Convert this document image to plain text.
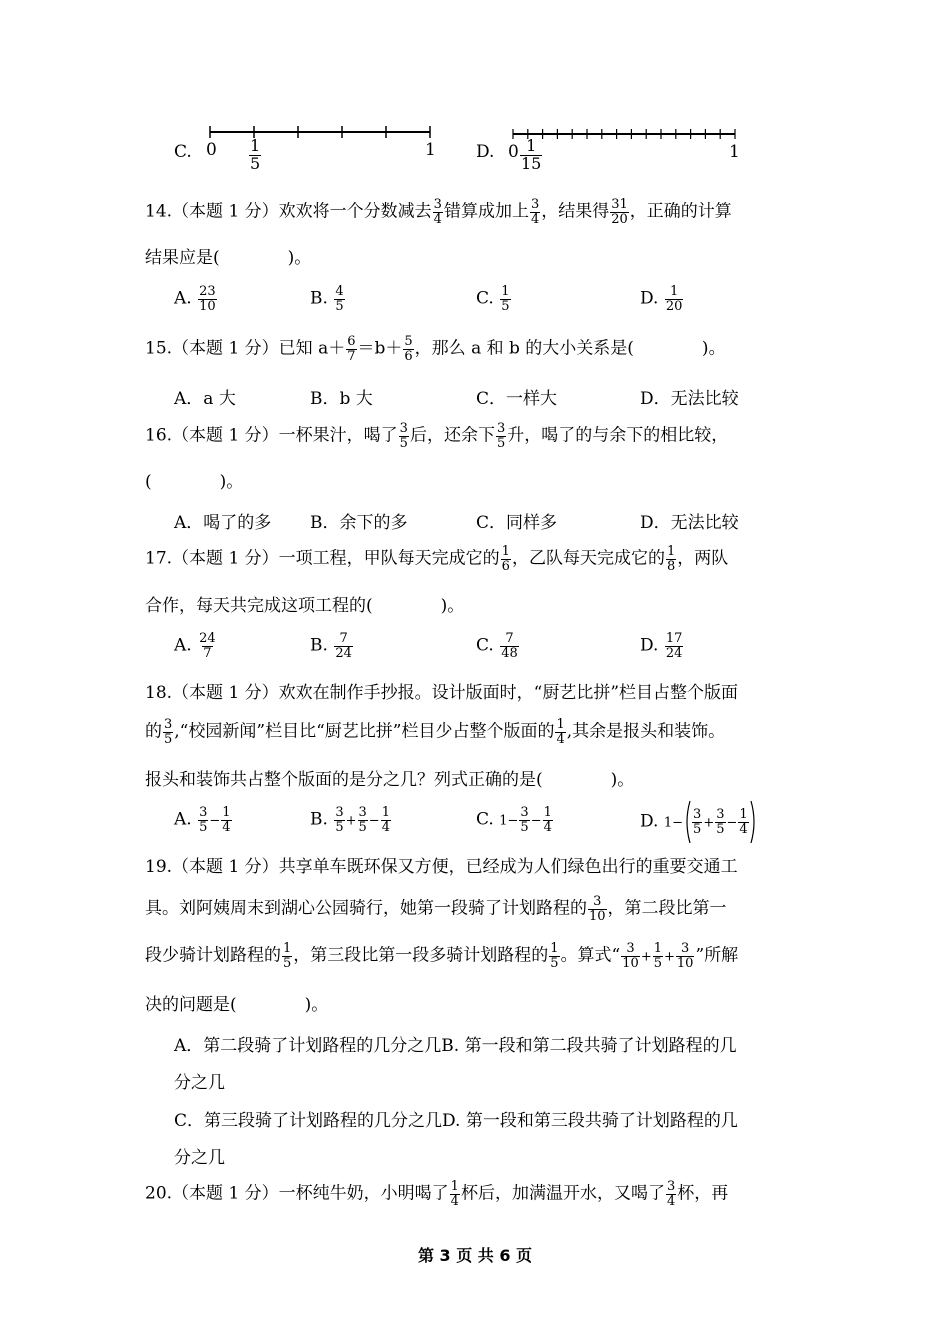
C. $0 \frac{1}{5}$	1 D. $0 \frac{1}{15}$	1
14.（本题 1 分）欢欢将一个分数减去 $\frac{3}{4}$ 错算成加上 $\frac{3}{4}$ ，结果得 $\frac{31}{20}$ ，正确的计算
结果应是(　　　　)。
A. $\frac{23}{10}$	B. $\frac{4}{5}$	C. $\frac{1}{5}$	D. $\frac{1}{20}$
15.（本题 1 分）已知 $a+ \frac{6}{7} =b+ \frac{5}{6}$ ，那么 a 和 b 的大小关系是(　　　　)。
A．a 大	B．b 大	C．一样大	D．无法比较
16.（本题 1 分）一杯果汁，喝了 $\frac{3}{5}$ 后，还余下 $\frac{3}{5}$ 升，喝了的与余下的相比较，
(　　　　)。
A．喝了的多 B．余下的多	C．同样多	D．无法比较
17.（本题 1 分）一项工程，甲队每天完成它的 $\frac{1}{6}$ ，乙队每天完成它的 $\frac{1}{8}$ ，两队
合作，每天共完成这项工程的(　　　　)。
A. $\frac{24}{7}$	B. $\frac{7}{24}$	C. $\frac{7}{48}$	D. $\frac{17}{24}$
18.（本题 1 分）欢欢在制作手抄报。设计版面时，“厨艺比拼”栏目占整个版面
的 $\frac{3}{5}$ ,“校园新闻”栏目比“厨艺比拼”栏目少占整个版面的 $\frac{1}{4}$ ,其余是报头和装饰。
报头和装饰共占整个版面的是分之几？列式正确的是(　　　　)。
A. $\frac{3}{5} - \frac{1}{4}$	B. $\frac{3}{5} + \frac{3}{5} - \frac{1}{4}$	C. $1- \frac{3}{5} - \frac{1}{4}$	D. $1- \frac{3}{5} + \frac{3}{5} - \frac{1}{4}$
19.（本题 1 分）共享单车既环保又方便，已经成为人们绿色出行的重要交通工
具。刘阿姨周末到湖心公园骑行，她第一段骑了计划路程的 $\frac{3}{10}$ ，第二段比第一
段少骑计划路程的 $\frac{1}{5}$ ，第三段比第一段多骑计划路程的 $\frac{1}{5}$ 。算式“ $\frac{3}{10} + \frac{1}{5} + \frac{3}{10}$ ”所解
决的问题是(　　　　)。
A．第二段骑了计划路程的几分之几B. 第一段和第二段共骑了计划路程的几
分之几
C．第三段骑了计划路程的几分之几D. 第一段和第三段共骑了计划路程的几
分之几
20.（本题 1 分）一杯纯牛奶，小明喝了 $\frac{1}{4}$ 杯后，加满温开水，又喝了 $\frac{3}{4}$ 杯，再
第 3 页 共 6 页
